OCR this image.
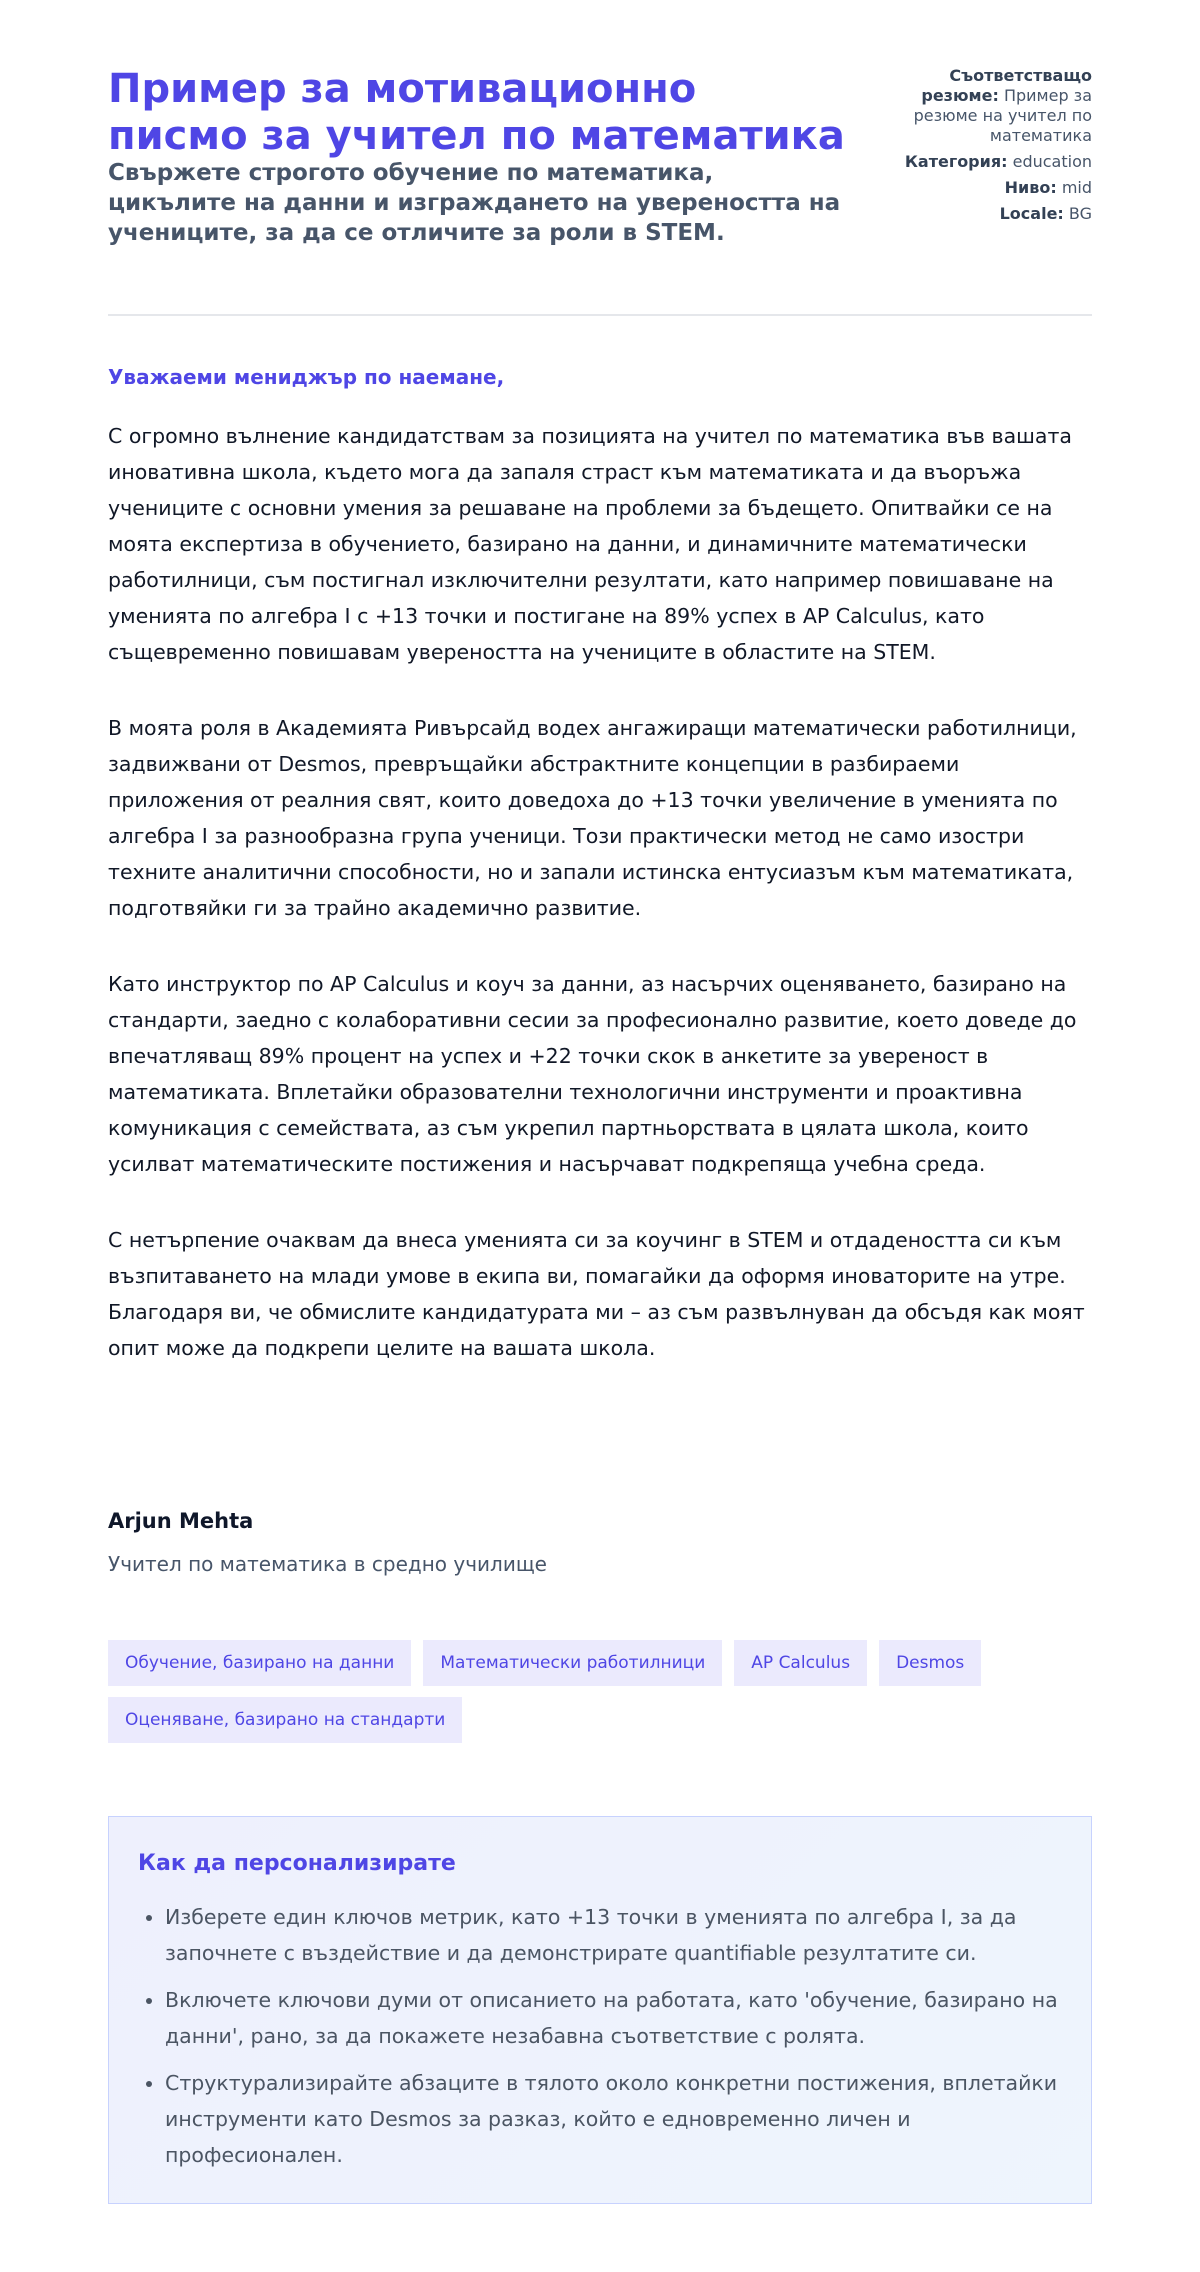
Пример за мотивационно писмо за учител по математика
Свържете строгото обучение по математика, цикълите на данни и изграждането на увереността на учениците, за да се отличите за роли в STEM.
Съответстващо резюме: Пример за резюме на учител по математика
Категория: education
Ниво: mid
Locale: BG
Уважаеми мениджър по наемане,

С огромно вълнение кандидатствам за позицията на учител по математика във вашата иновативна школа, където мога да запаля страст към математиката и да въоръжа учениците с основни умения за решаване на проблеми за бъдещето. Опитвайки се на моята експертиза в обучението, базирано на данни, и динамичните математически работилници, съм постигнал изключителни резултати, като например повишаване на уменията по алгебра I с +13 точки и постигане на 89% успех в AP Calculus, като същевременно повишавам увереността на учениците в областите на STEM.

В моята роля в Академията Ривърсайд водех ангажиращи математически работилници, задвижвани от Desmos, превръщайки абстрактните концепции в разбираеми приложения от реалния свят, които доведоха до +13 точки увеличение в уменията по алгебра I за разнообразна група ученици. Този практически метод не само изостри техните аналитични способности, но и запали истинска ентусиазъм към математиката, подготвяйки ги за трайно академично развитие.

Като инструктор по AP Calculus и коуч за данни, аз насърчих оценяването, базирано на стандарти, заедно с колаборативни сесии за професионално развитие, което доведе до впечатляващ 89% процент на успех и +22 точки скок в анкетите за увереност в математиката. Вплетайки образователни технологични инструменти и проактивна комуникация с семействата, аз съм укрепил партньорствата в цялата школа, които усилват математическите постижения и насърчават подкрепяща учебна среда.

С нетърпение очаквам да внеса уменията си за коучинг в STEM и отдадеността си към възпитаването на млади умове в екипа ви, помагайки да оформя иноваторите на утре. Благодаря ви, че обмислите кандидатурата ми – аз съм развълнуван да обсъдя как моят опит може да подкрепи целите на вашата школа.

Arjun Mehta
Учител по математика в средно училище
Обучение, базирано на данни	Математически работилници	AP Calculus	Desmos
Оценяване, базирано на стандарти
Как да персонализирате
• Изберете един ключов метрик, като +13 точки в уменията по алгебра I, за да започнете с въздействие и да демонстрирате quantifiable резултатите си.
• Включете ключови думи от описанието на работата, като 'обучение, базирано на данни', рано, за да покажете незабавна съответствие с ролята.
• Структурализирайте абзаците в тялото около конкретни постижения, вплетайки инструменти като Desmos за разказ, който е едновременно личен и професионален.
